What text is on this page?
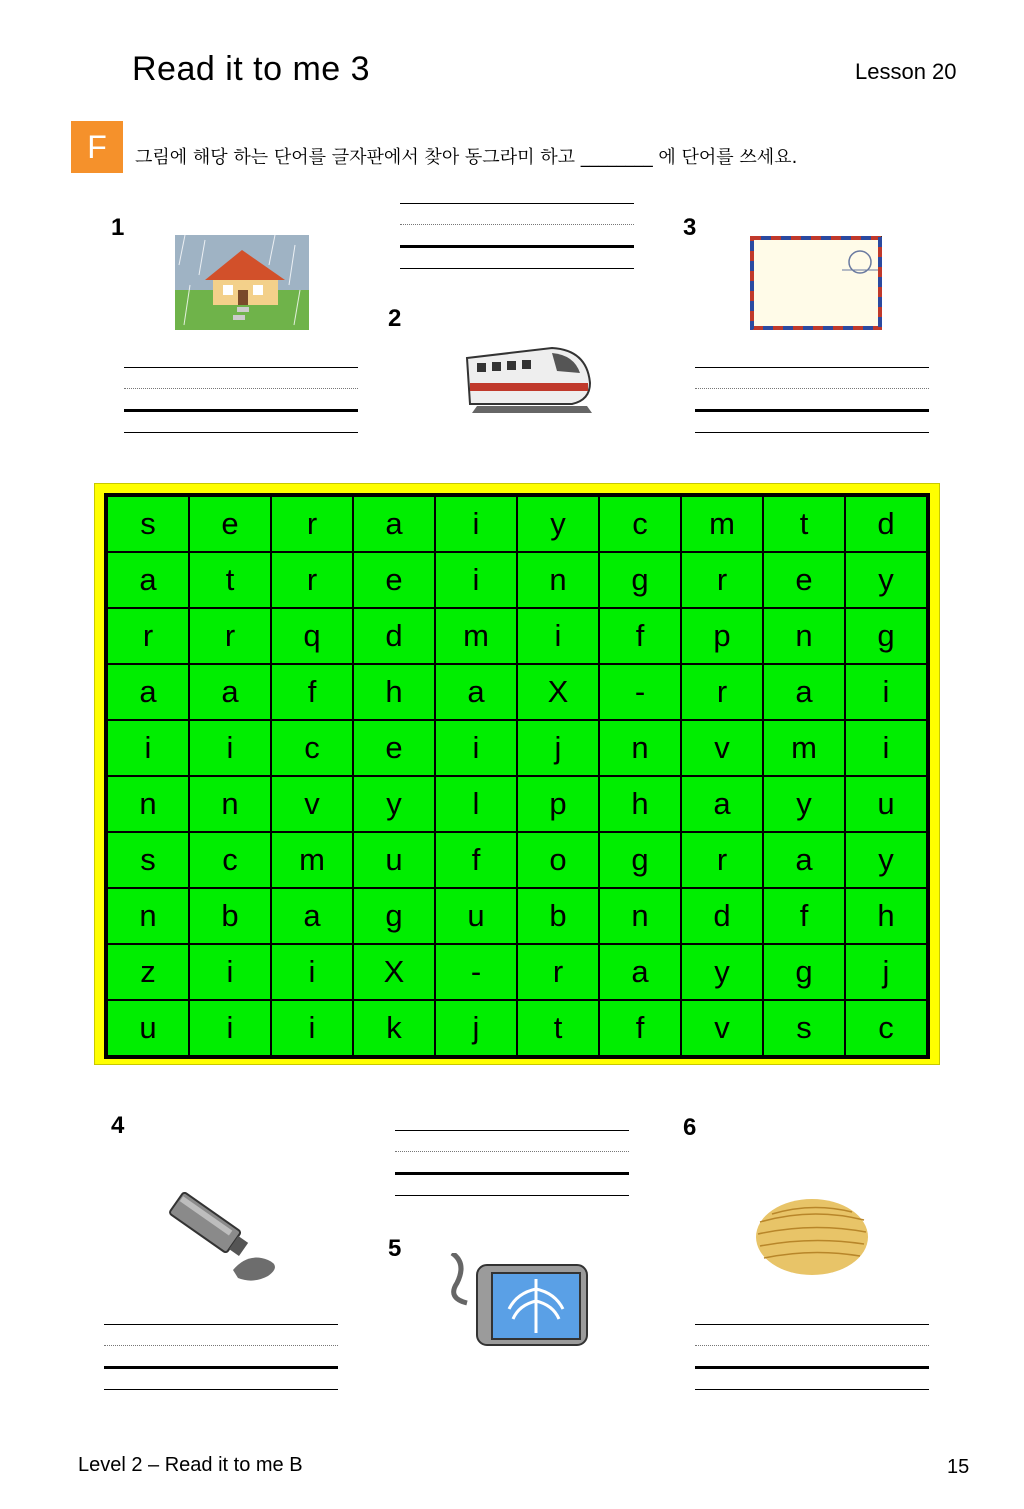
Read it to me 3	Lesson 20
F	그림에 해당 하는 단어를 글자판에서 찾아 동그라미 하고 ________ 에 단어를 쓰세요.
1
2
3
s	e	r	a	i	y	c	m	t	d
a	t	r	e	i	n	g	r	e	y
r	r	q	d	m	i	f	p	n	g
a	a	f	h	a	X	-	r	a	i
i	i	c	e	i	j	n	v	m	i
n	n	v	y	l	p	h	a	y	u
s	c	m	u	f	o	g	r	a	y
n	b	a	g	u	b	n	d	f	h
z	i	i	X	-	r	a	y	g	j
u	i	i	k	j	t	f	v	s	c
4
5
6
Level 2 – Read it to me B	15
